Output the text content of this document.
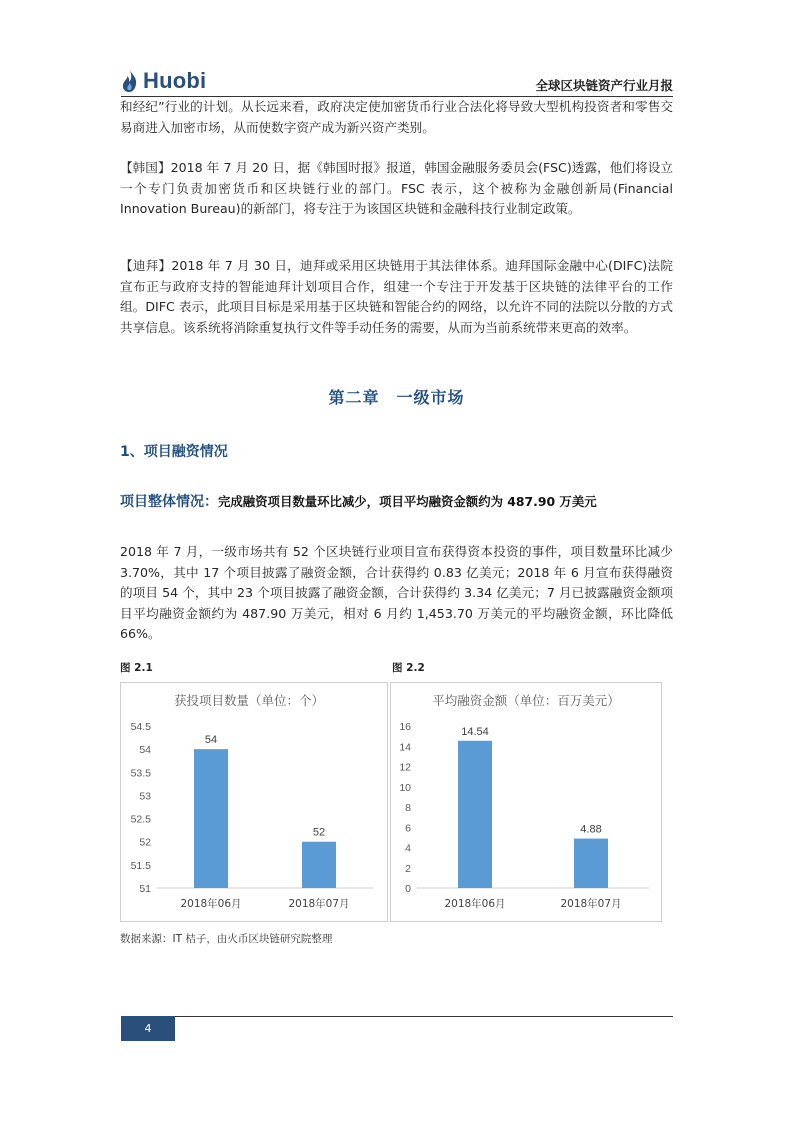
Huobi	全球区块链资产行业月报
和经纪”行业的计划。从长远来看，政府决定使加密货币行业合法化将导致大型机构投资者和零售交易商进入加密市场，从而使数字资产成为新兴资产类别。
【韩国】2018 年 7 月 20 日，据《韩国时报》报道，韩国金融服务委员会(FSC)透露，他们将设立一个专门负责加密货币和区块链行业的部门。FSC 表示，这个被称为金融创新局(Financial Innovation Bureau)的新部门，将专注于为该国区块链和金融科技行业制定政策。
【迪拜】2018 年 7 月 30 日，迪拜或采用区块链用于其法律体系。迪拜国际金融中心(DIFC)法院宣布正与政府支持的智能迪拜计划项目合作，组建一个专注于开发基于区块链的法律平台的工作组。DIFC 表示，此项目目标是采用基于区块链和智能合约的网络，以允许不同的法院以分散的方式共享信息。该系统将消除重复执行文件等手动任务的需要，从而为当前系统带来更高的效率。
第二章　一级市场
1、项目融资情况
项目整体情况：完成融资项目数量环比减少，项目平均融资金额约为 487.90 万美元
2018 年 7 月，一级市场共有 52 个区块链行业项目宣布获得资本投资的事件，项目数量环比减少 3.70%，其中 17 个项目披露了融资金额，合计获得约 0.83 亿美元；2018 年 6 月宣布获得融资的项目 54 个，其中 23 个项目披露了融资金额，合计获得约 3.34 亿美元；7 月已披露融资金额项目平均融资金额约为 487.90 万美元，相对 6 月约 1,453.70 万美元的平均融资金额，环比降低 66%。
图 2.1	图 2.2
获投项目数量（单位：个）
51
51.5
52
52.5
53
53.5
54
54.5
54
2018年06月
52
2018年07月
平均融资金额（单位：百万美元）
0
2
4
6
8
10
12
14
16	14.54
2018年06月
4.88
2018年07月
数据来源：IT 桔子，由火币区块链研究院整理
4
